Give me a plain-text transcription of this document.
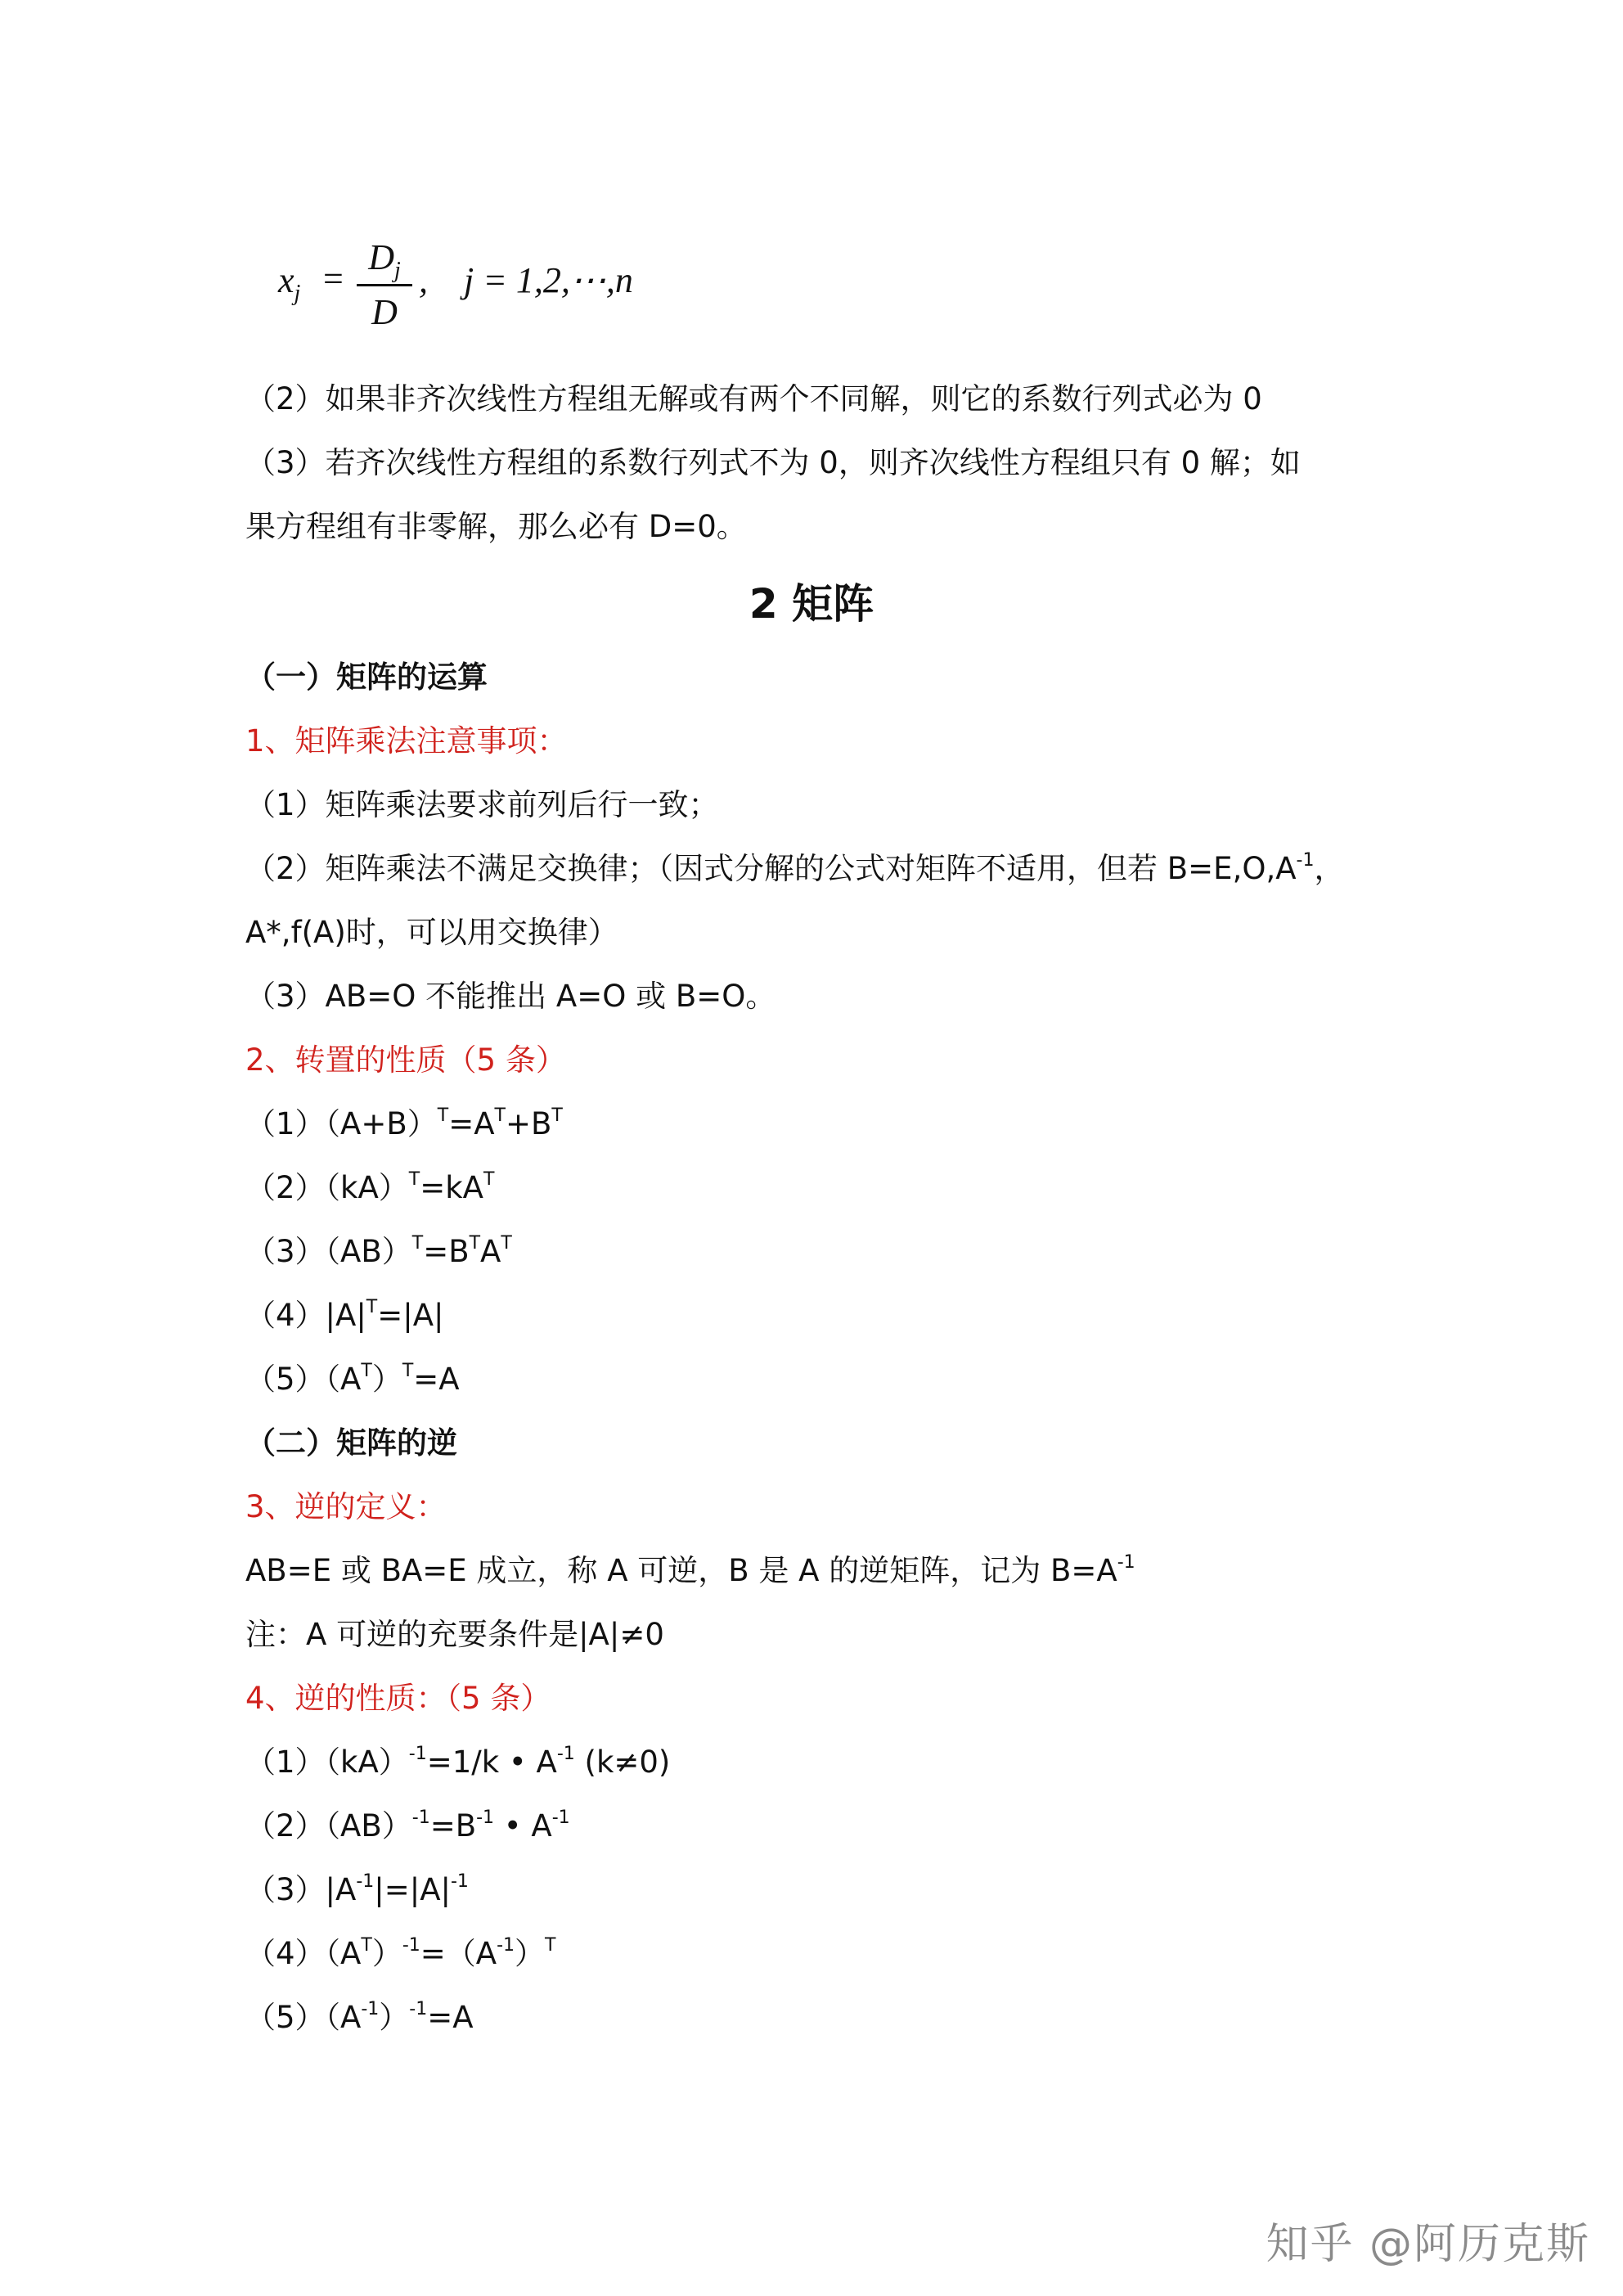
$x_j$ =
$D_j$
D
,    j = 1,2,⋯,n
（2）如果非齐次线性方程组无解或有两个不同解，则它的系数行列式必为 0
（3）若齐次线性方程组的系数行列式不为 0，则齐次线性方程组只有 0 解；如
果方程组有非零解，那么必有 D=0。
2 矩阵
（一）矩阵的运算
1、矩阵乘法注意事项：
（1）矩阵乘法要求前列后行一致；
（2）矩阵乘法不满足交换律；（因式分解的公式对矩阵不适用，但若 $B=E,O,A^{-1}$，
A*,f(A)时，可以用交换律）
（3）AB=O 不能推出 A=O 或 B=O。
2、转置的性质（5 条）
$(1)(A+B)^T=A^T+B^T$
$(2)(kA)^T=kA^T$
$(3)(AB)^T=B^TA^T$
$(4)|A|^T=|A|$
$(5)(A^T)^T=A$
（二）矩阵的逆
3、逆的定义：
AB=E 或 BA=E 成立，称 A 可逆，B 是 A 的逆矩阵，记为 $B=A^{-1}$
注：A 可逆的充要条件是|A|≠0
4、逆的性质：（5 条）
（1）（kA）$^{-1}$=1/k • $A^{-1}$ (k≠0)
$(2)(AB)^{-1}=B^{-1}$ • $A^{-1}$
$(3)|A^{-1}|=|A|^{-1}$
$(4)(A^T)^{-1}=(A^{-1})^T$
$(5)(A^{-1})^{-1}=A$
知乎 @阿历克斯
